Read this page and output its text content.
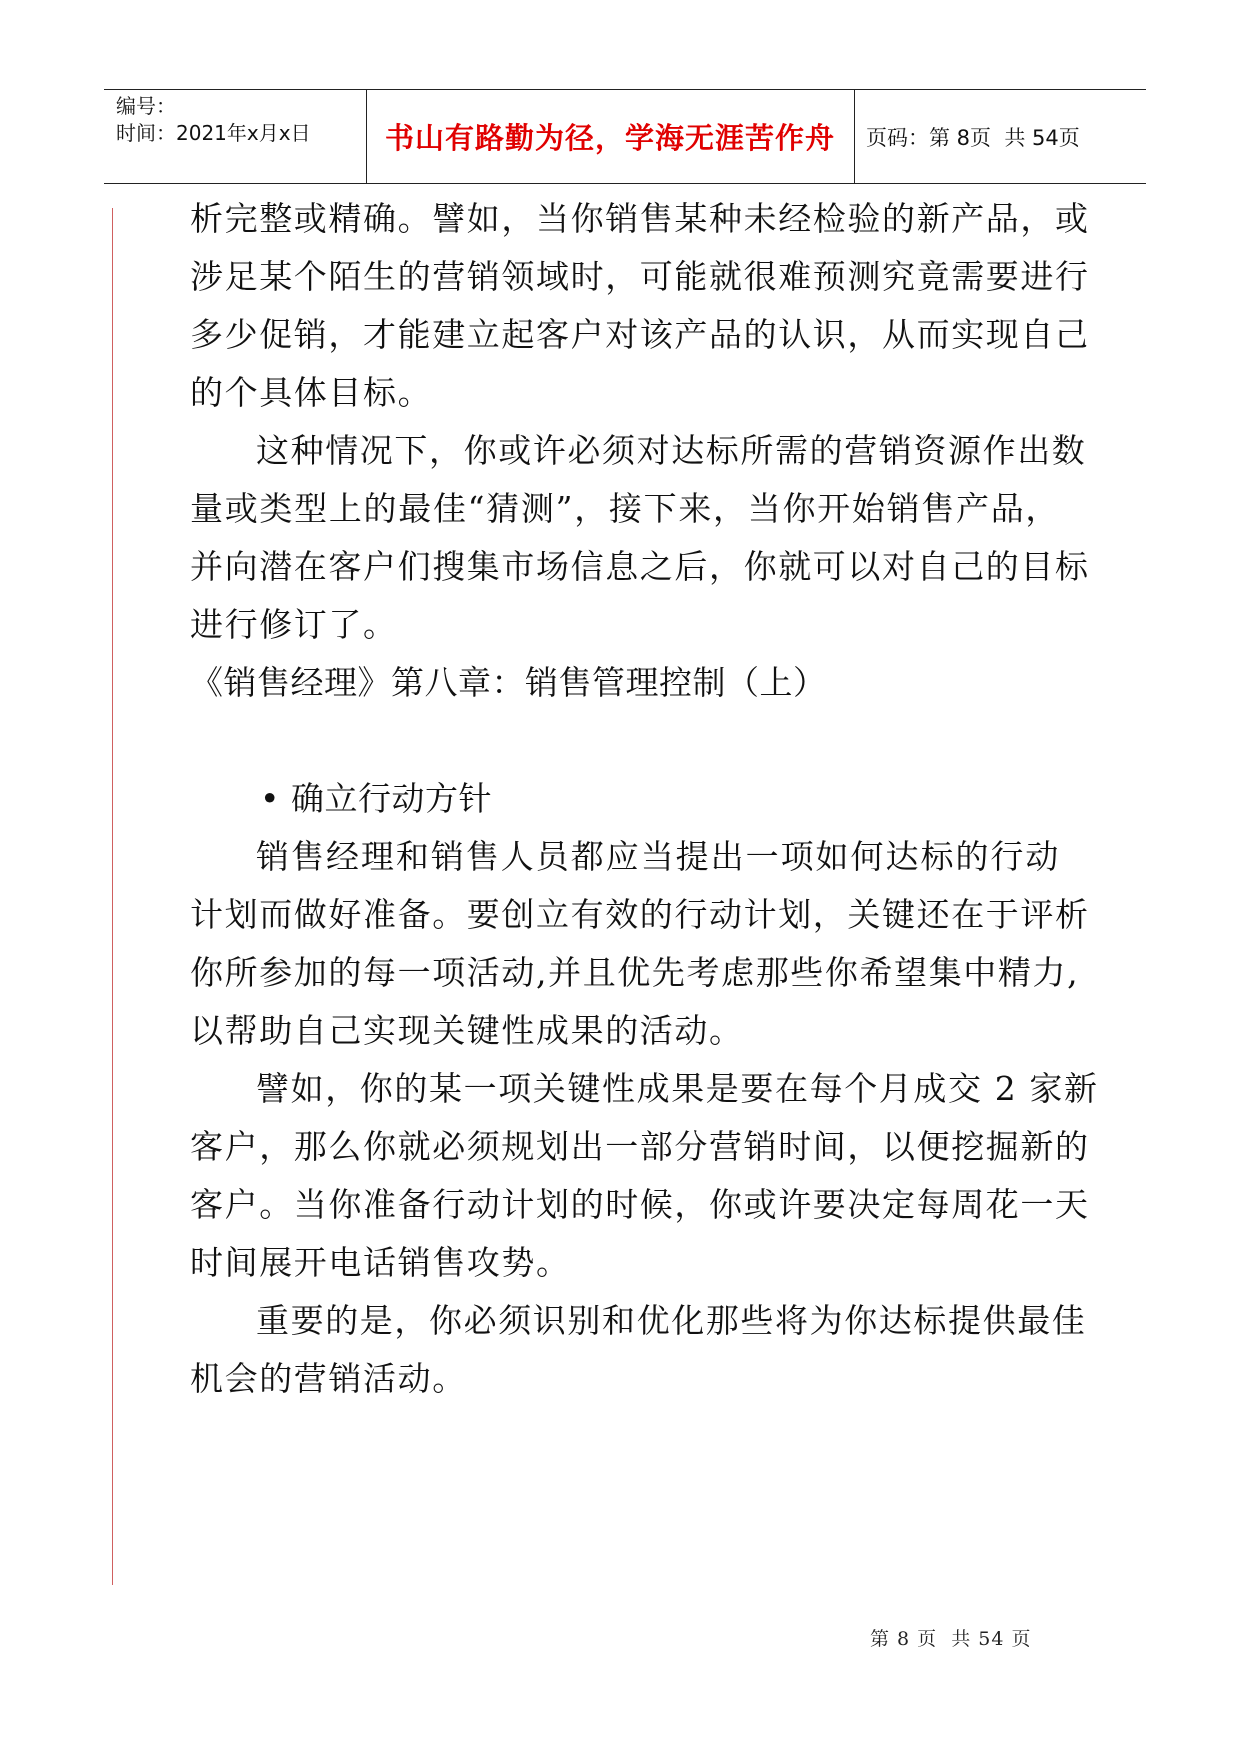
编号：
时间：2021年x月x日	书山有路勤为径，学海无涯苦作舟	页码：第 8页  共 54页
析完整或精确。譬如，当你销售某种未经检验的新产品，或
涉足某个陌生的营销领域时，可能就很难预测究竟需要进行
多少促销，才能建立起客户对该产品的认识，从而实现自己
的个具体目标。
这种情况下，你或许必须对达标所需的营销资源作出数
量或类型上的最佳“猜测”，接下来，当你开始销售产品，
并向潜在客户们搜集市场信息之后，你就可以对自己的目标
进行修订了。
《销售经理》第八章：销售管理控制（上）
• 确立行动方针
销售经理和销售人员都应当提出一项如何达标的行动
计划而做好准备。要创立有效的行动计划，关键还在于评析
你所参加的每一项活动,并且优先考虑那些你希望集中精力,
以帮助自己实现关键性成果的活动。
譬如，你的某一项关键性成果是要在每个月成交 2 家新
客户，那么你就必须规划出一部分营销时间，以便挖掘新的
客户。当你准备行动计划的时候，你或许要决定每周花一天
时间展开电话销售攻势。
重要的是，你必须识别和优化那些将为你达标提供最佳
机会的营销活动。
第 8 页  共 54 页
